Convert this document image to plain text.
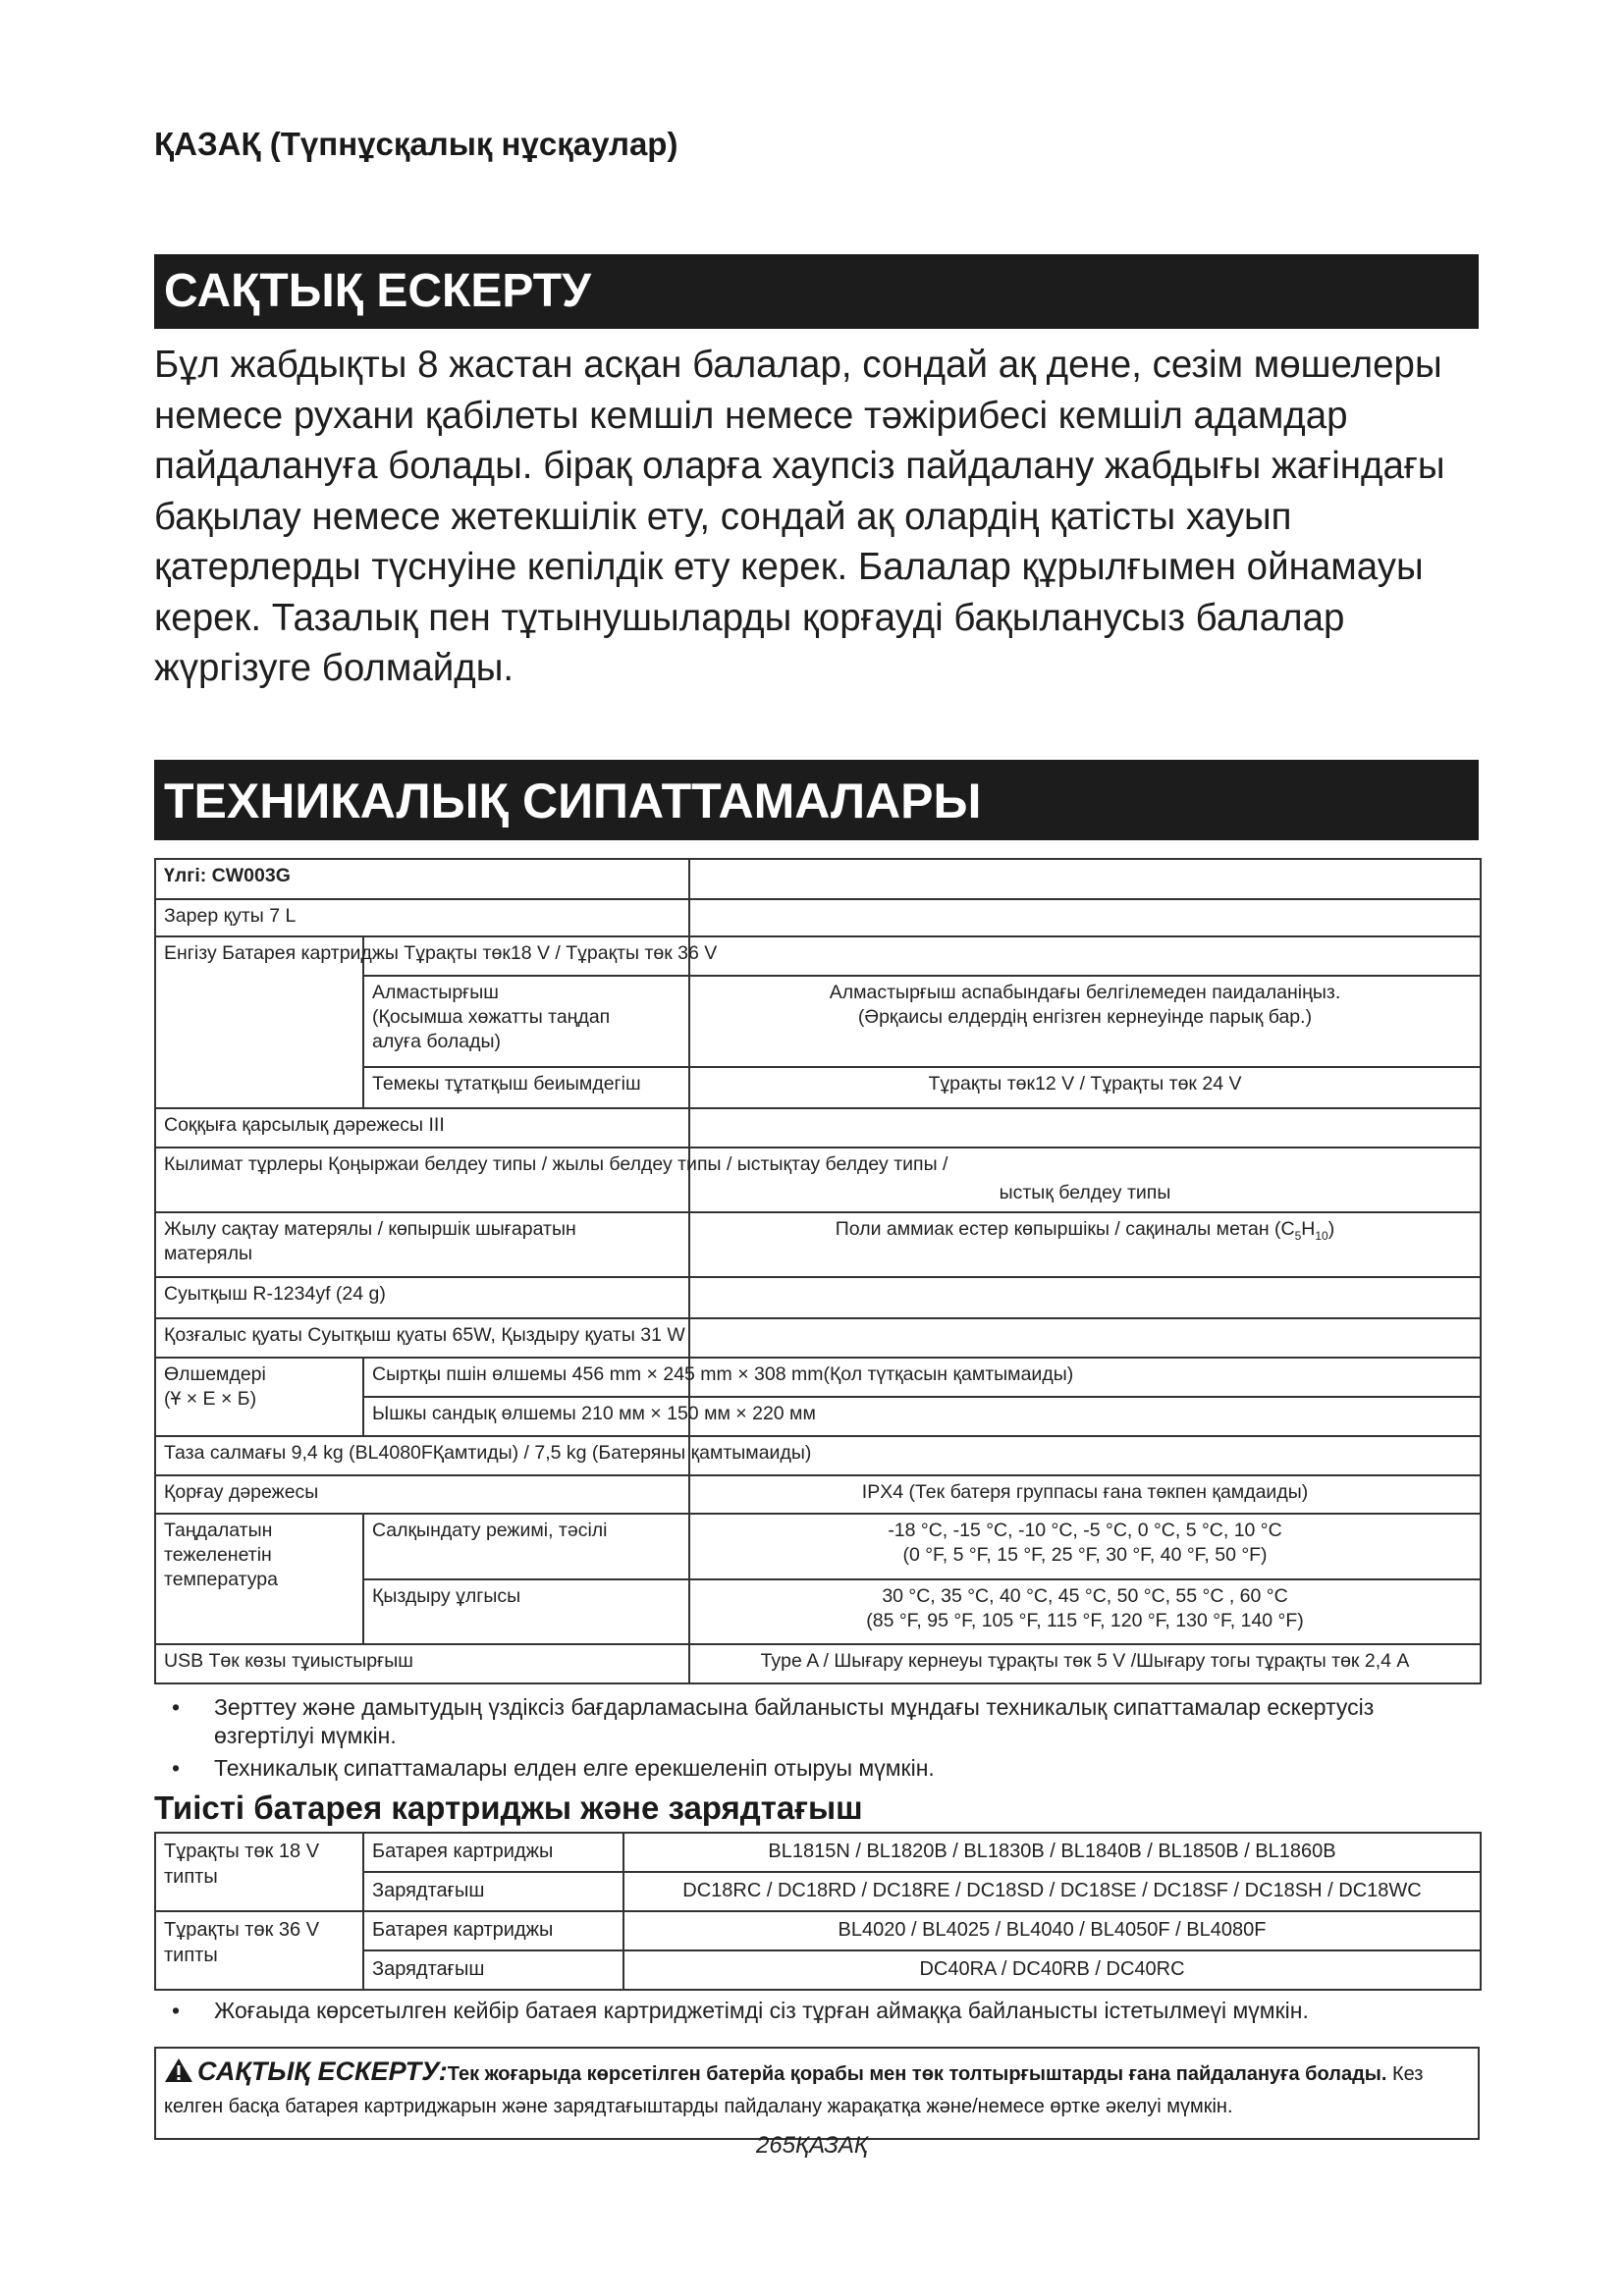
ҚАЗАҚ (Түпнұсқалық нұсқаулар)
САҚТЫҚ ЕСКЕРТУ

Бұл жабдықты 8 жастан асқан балалар, сондай ақ дене, сезім мөшелеры немесе рухани қабілеты кемшіл немесе тәжірибесі кемшіл адамдар пайдалануға болады. бірақ оларға хаупсіз пайдалану жабдығы жағіндағы бақылау немесе жетекшілік ету, сондай ақ олардің қатісты хауып қатерлерды түснуіне кепілдік ету керек. Балалар құрылғымен ойнамауы керек. Тазалық пен тұтынушыларды қорғауді бақыланусыз балалар жүргізуге болмайды.

ТЕХНИКАЛЫҚ СИПАТТАМАЛАРЫ
Үлгі: CW003G		
Зарер қуты 7 L		
Енгізу Батарея картриджы Тұрақты төк18 V / Тұрақты төк 36 V		
	Алмастырғыш
(Қосымша хөжатты таңдап
алуға болады)	Алмастырғыш аспабындағы белгілемеден паидаланіңыз.
(Әрқаисы елдердің енгізген кернеуінде парық бар.)
	Темекы тұтатқыш беиымдегіш	Тұрақты төк12 V / Тұрақты төк 24 V
Соққыға қарсылық дәрежесы III		
Кылимат тұрлеры Қоңыржаи белдеу типы / жылы белдеу типы / ыстықтау белдеу типы /		ыстық белдеу типы
Жылу сақтау матерялы / көпыршік шығаратын
матерялы		Поли аммиак естер көпыршікы / сақиналы метан $(C_5H_{10})$
Суытқыш R-1234yf (24 g)		
Қозғалыс қуаты Суытқыш қуаты 65W, Қыздыру қуаты 31 W		
Өлшемдері
(Ұ × Е × Б)	Сыртқы пшін өлшемы 456 mm × 245 mm × 308 mm(Қол түтқасын қамтымаиды)	
	Ышкы сандық өлшемы 210 мм × 150 мм × 220 мм	
Таза салмағы 9,4 kg (BL4080FҚамтиды) / 7,5 kg (Батеряны қамтымаиды)		
Қорғау дәрежесы		IPX4 (Тек батеря группасы ғана төкпен қамдаиды)
Таңдалатын
тежеленетін
температура	Салқындату режимі, тәсілі	-18 °C, -15 °C, -10 °C, -5 °C, 0 °C, 5 °C, 10 °C
(0 °F, 5 °F, 15 °F, 25 °F, 30 °F, 40 °F, 50 °F)
	Қыздыру ұлгысы	30 °C, 35 °C, 40 °C, 45 °C, 50 °C, 55 °C , 60 °C
(85 °F, 95 °F, 105 °F, 115 °F, 120 °F, 130 °F, 140 °F)
USB Төк көзы тұиыстырғыш		Type A / Шығару кернеуы тұрақты төк 5 V /Шығару тогы тұрақты төк 2,4 A
• Зерттеу және дамытудың үздіксіз бағдарламасына байланысты мұндағы техникалық сипаттамалар ескертусіз өзгертілуі мүмкін.
• Техникалық сипаттамалары елден елге ерекшеленіп отыруы мүмкін.
Тиісті батарея картриджы және зарядтағыш
Тұрақты төк 18 V
типты	Батарея картриджы	BL1815N / BL1820B / BL1830B / BL1840B / BL1850B / BL1860B
	Зарядтағыш	DC18RC / DC18RD / DC18RE / DC18SD / DC18SE / DC18SF / DC18SH / DC18WC
Тұрақты төк 36 V
типты	Батарея картриджы	BL4020 / BL4025 / BL4040 / BL4050F / BL4080F
	Зарядтағыш	DC40RA / DC40RB / DC40RC
• Жоғаыда көрсетылген кейбір батаея картриджетімді сіз тұрған аймаққа байланысты істетылмеүі мүмкін.
САҚТЫҚ ЕСКЕРТУ:Тек жоғарыда көрсетілген батерйа қорабы мен төк толтырғыштарды ғана пайдалануға болады. Кез келген басқа батарея картриджарын және зарядтағыштарды пайдалану жарақатқа және/немесе өртке әкелуі мүмкін.
265ҚАЗАҚ
